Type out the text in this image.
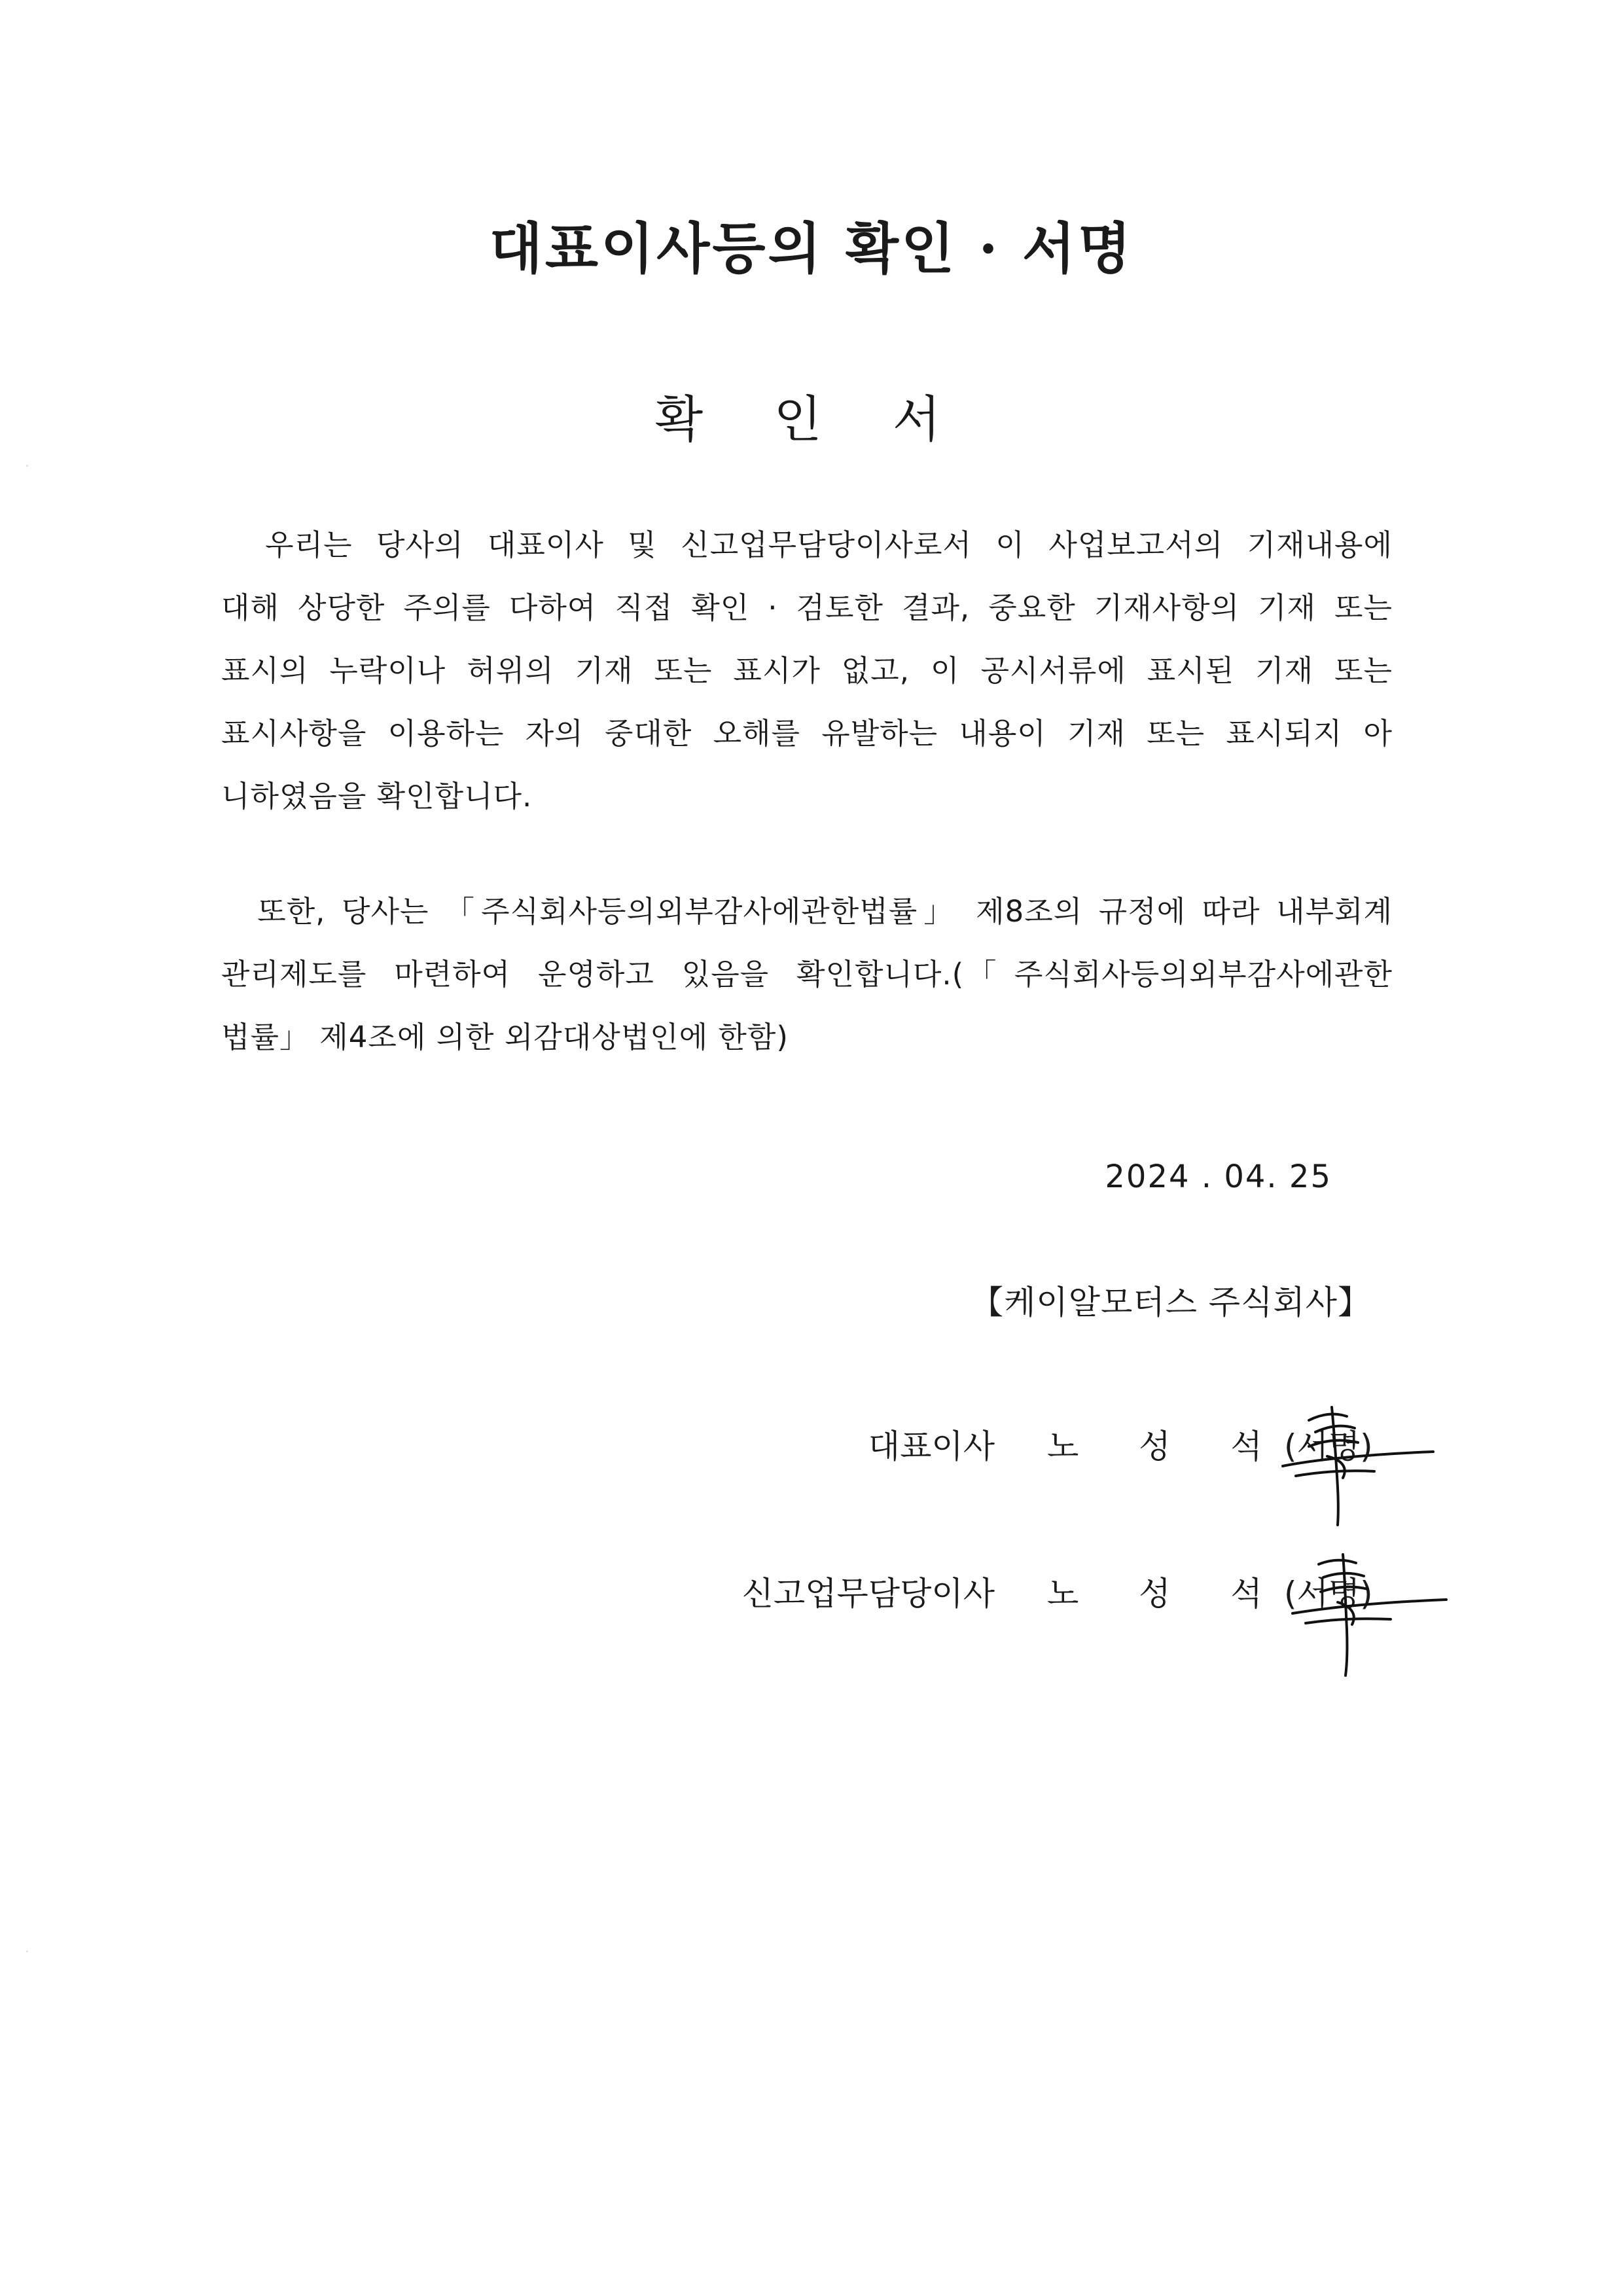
대표이사등의 확인 · 서명
확 인 서
　우리는 당사의 대표이사 및 신고업무담당이사로서 이 사업보고서의 기재내용에
대해 상당한 주의를 다하여 직접 확인 · 검토한 결과, 중요한 기재사항의 기재 또는
표시의 누락이나 허위의 기재 또는 표시가 없고, 이 공시서류에 표시된 기재 또는
표시사항을 이용하는 자의 중대한 오해를 유발하는 내용이 기재 또는 표시되지 아
니하였음을 확인합니다.
　또한, 당사는 「주식회사등의외부감사에관한법률」 제8조의 규정에 따라 내부회계
관리제도를 마련하여 운영하고 있음을 확인합니다.(「주식회사등의외부감사에관한
법률」 제4조에 의한 외감대상법인에 한함)
2024 . 04. 25
【케이알모터스 주식회사】
대표이사 노 성 석
(서명)
신고업무담당이사 노 성 석
(서명)
